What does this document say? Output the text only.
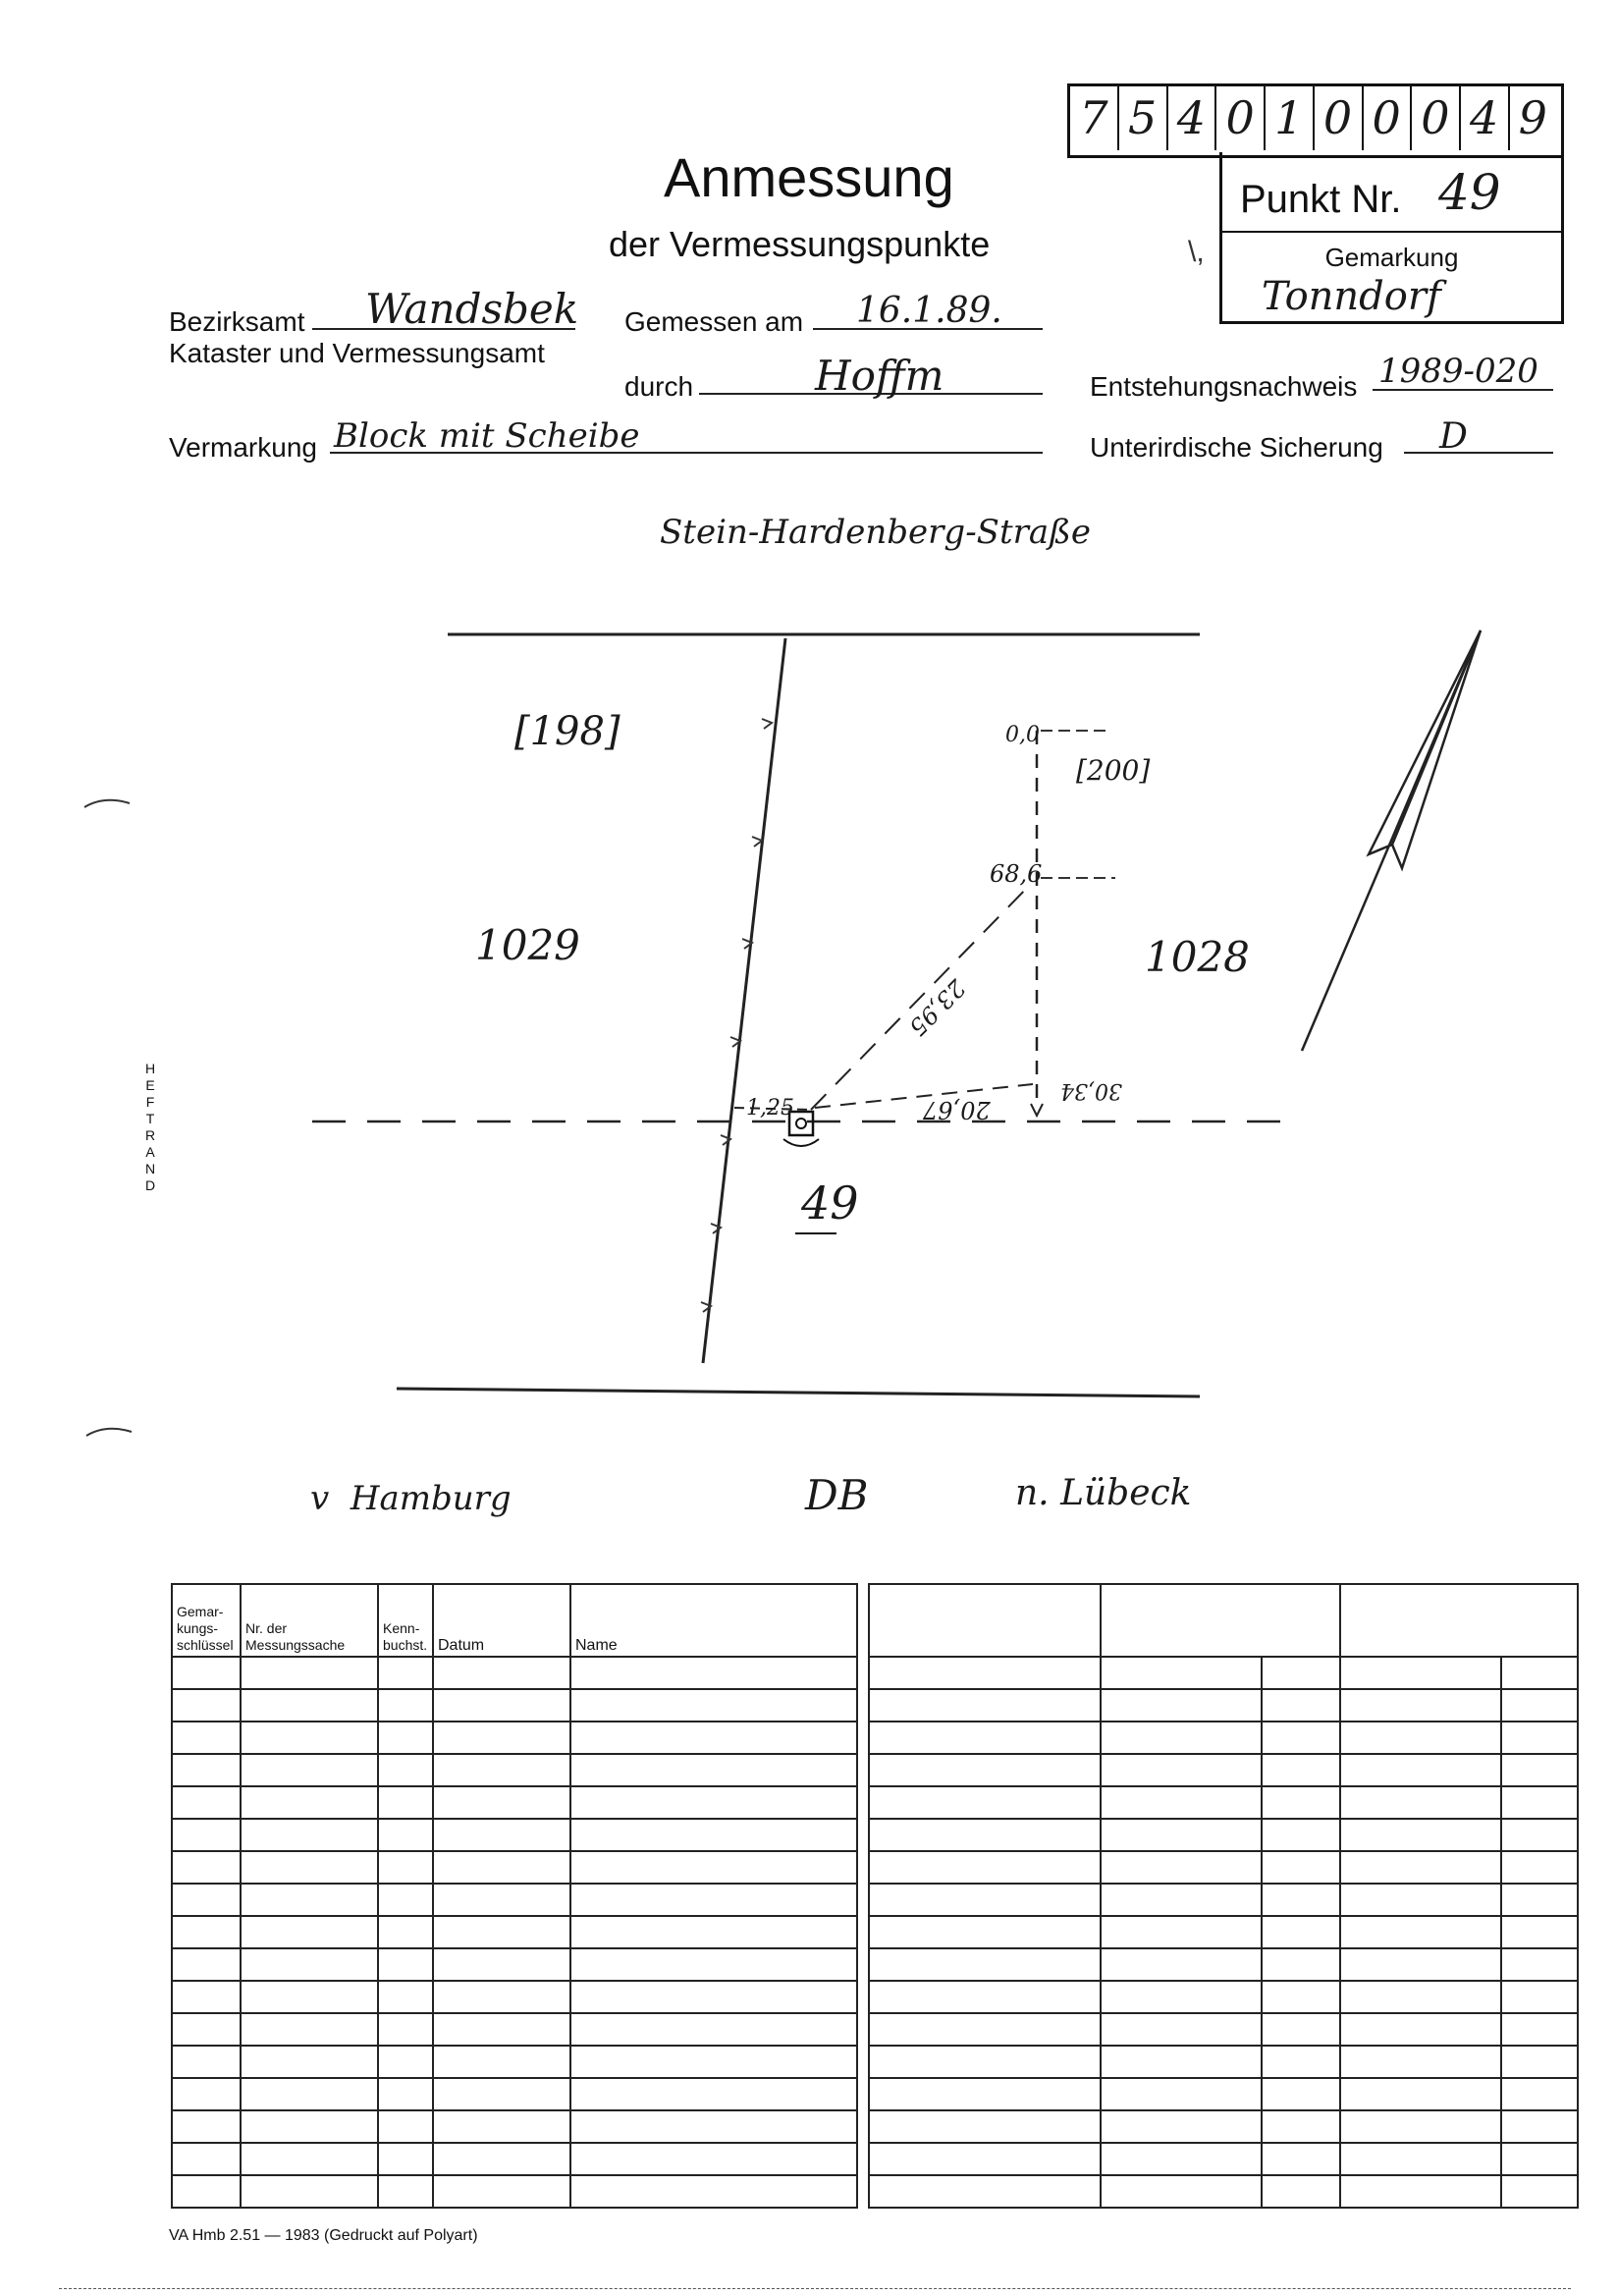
7 5 4 0 1 0 0 0 4 9
Punkt Nr. 49
Gemarkung
Tonndorf
Anmessung
der Vermessungspunkte	\,
Bezirksamt Wandsbek
Kataster und Vermessungsamt
Gemessen am 16.1.89.
durch	Hoffm	Entstehungsnachweis 1989-020
Vermarkung Block mit Scheibe	Unterirdische Sicherung D
Stein-Hardenberg-Straße
[198]
1029	1028
[200]
0,0
68,6
23,95
20,67
30,34
1,25
49
v  Hamburg	DB	n. Lübeck
HEFTRAND
Gemar-
kungs-
schlüssel	Nr. der
Messungssache	Kenn-
buchst.	Datum	Name

VA Hmb 2.51 — 1983 (Gedruckt auf Polyart)
